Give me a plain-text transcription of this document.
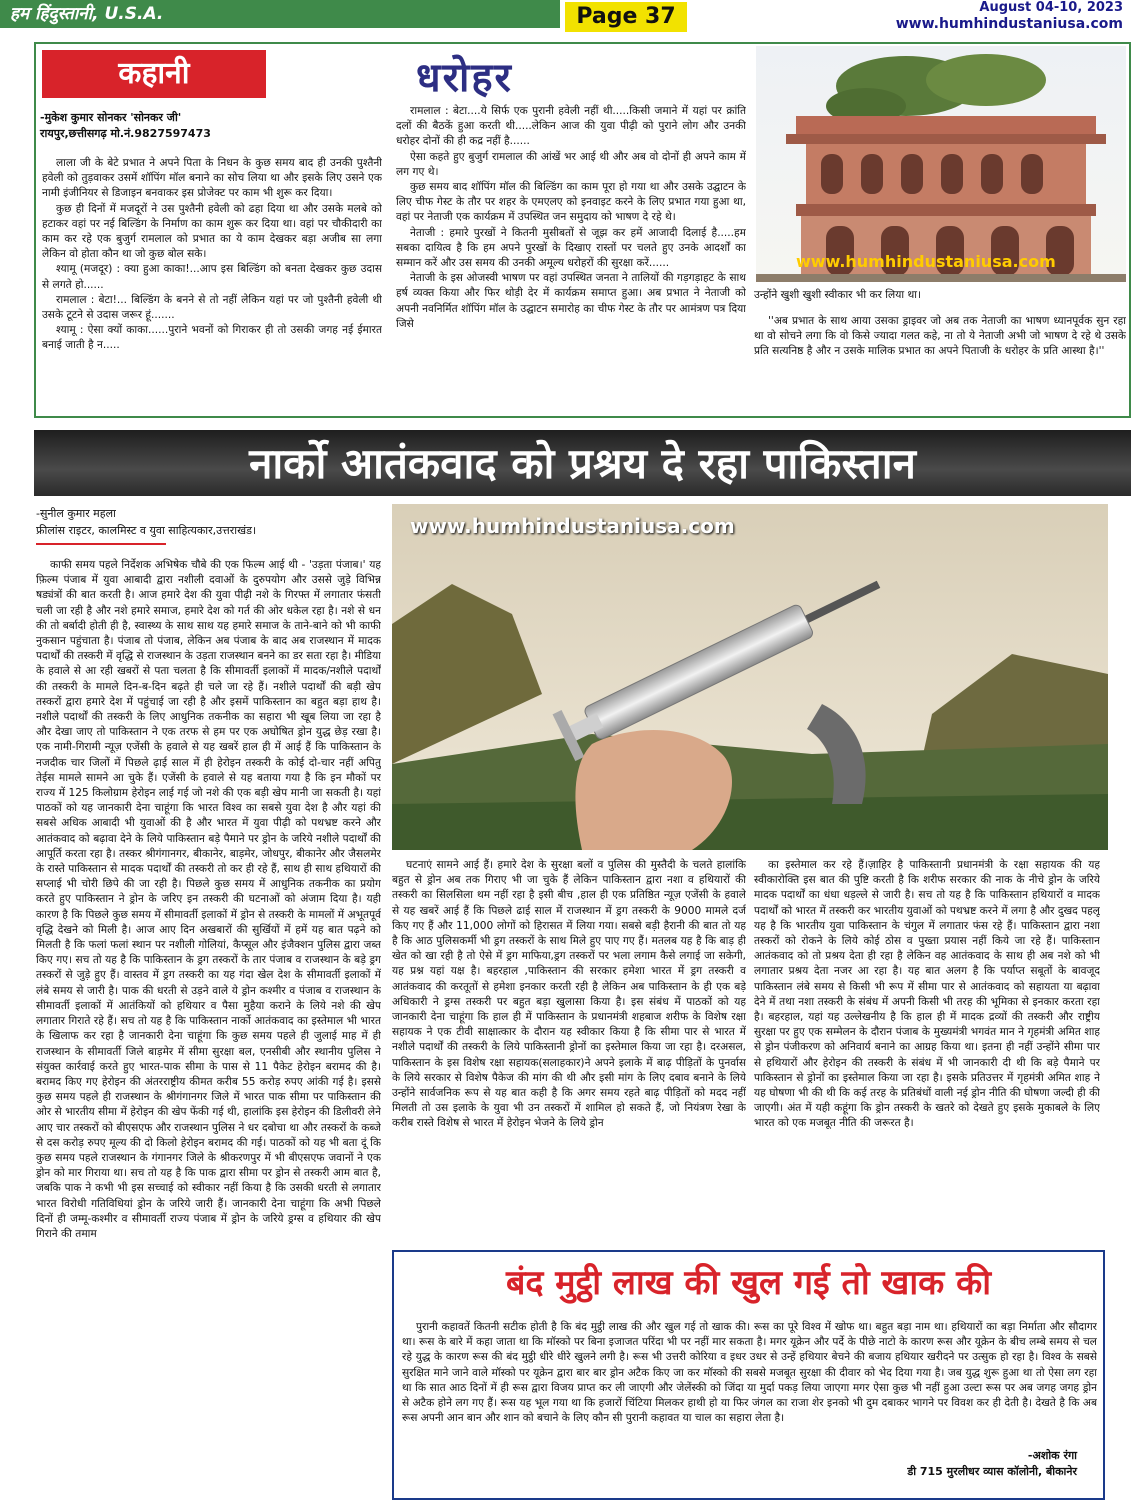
हम हिंदुस्तानी, U.S.A.	Page 37	August 04-10, 2023
www.humhindustaniusa.com
कहानी	धरोहर
-मुकेश कुमार सोनकर 'सोनकर जी'
रायपुर,छत्तीसगढ़ मो.नं.9827597473

लाला जी के बेटे प्रभात ने अपने पिता के निधन के कुछ समय बाद ही उनकी पुश्तैनी हवेली को तुड़वाकर उसमें शॉपिंग मॉल बनाने का सोच लिया था और इसके लिए उसने एक नामी इंजीनियर से डिजाइन बनवाकर इस प्रोजेक्ट पर काम भी शुरू कर दिया।

कुछ ही दिनों में मजदूरों ने उस पुश्तैनी हवेली को ढहा दिया था और उसके मलबे को हटाकर वहां पर नई बिल्डिंग के निर्माण का काम शुरू कर दिया था। वहां पर चौकीदारी का काम कर रहे एक बुजुर्ग रामलाल को प्रभात का ये काम देखकर बड़ा अजीब सा लगा लेकिन वो होता कौन था जो कुछ बोल सके।

श्यामू (मजदूर) : क्या हुआ काका!...आप इस बिल्डिंग को बनता देखकर कुछ उदास से लगते हो......

रामलाल : बेटा!... बिल्डिंग के बनने से तो नहीं लेकिन यहां पर जो पुश्तैनी हवेली थी उसके टूटने से उदास जरूर हूं.......

श्यामू : ऐसा क्यों काका......पुराने भवनों को गिराकर ही तो उसकी जगह नई ईमारत बनाई जाती है न.....

रामलाल : बेटा....ये सिर्फ एक पुरानी हवेली नहीं थी.....किसी जमाने में यहां पर क्रांति दलों की बैठकें हुआ करती थी.....लेकिन आज की युवा पीढ़ी को पुराने लोग और उनकी धरोहर दोनों की ही कद्र नहीं है......

ऐसा कहते हुए बुजुर्ग रामलाल की आंखें भर आई थी और अब वो दोनों ही अपने काम में लग गए थे।

कुछ समय बाद शॉपिंग मॉल की बिल्डिंग का काम पूरा हो गया था और उसके उद्घाटन के लिए चीफ गेस्ट के तौर पर शहर के एमएलए को इनवाइट करने के लिए प्रभात गया हुआ था, वहां पर नेताजी एक कार्यक्रम में उपस्थित जन समुदाय को भाषण दे रहे थे।

नेताजी : हमारे पुरखों ने कितनी मुसीबतों से जूझ कर हमें आजादी दिलाई है.....हम सबका दायित्व है कि हम अपने पुरखों के दिखाए रास्तों पर चलते हुए उनके आदर्शों का सम्मान करें और उस समय की उनकी अमूल्य धरोहरों की सुरक्षा करें......

नेताजी के इस ओजस्वी भाषण पर वहां उपस्थित जनता ने तालियों की गड़गड़ाहट के साथ हर्ष व्यक्त किया और फिर थोड़ी देर में कार्यक्रम समाप्त हुआ। अब प्रभात ने नेताजी को अपनी नवनिर्मित शॉपिंग मॉल के उद्घाटन समारोह का चीफ गेस्ट के तौर पर आमंत्रण पत्र दिया जिसे

www.humhindustaniusa.com
उन्होंने खुशी खुशी स्वीकार भी कर लिया था।

''अब प्रभात के साथ आया उसका ड्राइवर जो अब तक नेताजी का भाषण ध्यानपूर्वक सुन रहा था वो सोचने लगा कि वो किसे ज्यादा गलत कहे, ना तो ये नेताजी अभी जो भाषण दे रहे थे उसके प्रति सत्यनिष्ठ है और न उसके मालिक प्रभात का अपने पिताजी के धरोहर के प्रति आस्था है।''

नार्को आतंकवाद को प्रश्रय दे रहा पाकिस्तान
-सुनील कुमार महला
फ्रीलांस राइटर, कालमिस्ट व युवा साहित्यकार,उत्तराखंड।

काफी समय पहले निर्देशक अभिषेक चौबे की एक फिल्म आई थी - 'उड़ता पंजाब।' यह फ़िल्म पंजाब में युवा आबादी द्वारा नशीली दवाओं के दुरुपयोग और उससे जुड़े विभिन्न षड्यंत्रों की बात करती है। आज हमारे देश की युवा पीढ़ी नशे के गिरफ्त में लगातार फंसती चली जा रही है और नशे हमारे समाज, हमारे देश को गर्त की ओर धकेल रहा है। नशे से धन की तो बर्बादी होती ही है, स्वास्थ्य के साथ साथ यह हमारे समाज के ताने-बाने को भी काफी नुकसान पहुंचाता है। पंजाब तो पंजाब, लेकिन अब पंजाब के बाद अब राजस्थान में मादक पदार्थों की तस्करी में वृद्धि से राजस्थान के उड़ता राजस्थान बनने का डर सता रहा है। मीडिया के हवाले से आ रही खबरों से पता चलता है कि सीमावर्ती इलाकों में मादक/नशीले पदार्थों की तस्करी के मामले दिन-ब-दिन बढ़ते ही चले जा रहे हैं। नशीले पदार्थों की बड़ी खेप तस्करों द्वारा हमारे देश में पहुंचाई जा रही है और इसमें पाकिस्तान का बहुत बड़ा हाथ है। नशीले पदार्थों की तस्करी के लिए आधुनिक तकनीक का सहारा भी खूब लिया जा रहा है और देखा जाए तो पाकिस्तान ने एक तरफ से हम पर एक अघोषित ड्रोन युद्ध छेड़ रखा है। एक नामी-गिरामी न्यूज़ एजेंसी के हवाले से यह खबरें हाल ही में आई हैं कि पाकिस्तान के नजदीक चार जिलों में पिछले ढ़ाई साल में ही हेरोइन तस्करी के कोई दो-चार नहीं अपितु तेईस मामले सामने आ चुके हैं। एजेंसी के हवाले से यह बताया गया है कि इन मौकों पर राज्य में 125 किलोग्राम हेरोइन लाई गई जो नशे की एक बड़ी खेप मानी जा सकती है। यहां पाठकों को यह जानकारी देना चाहूंगा कि भारत विश्व का सबसे युवा देश है और यहां की सबसे अधिक आबादी भी युवाओं की है और भारत में युवा पीढ़ी को पथभ्रष्ट करने और आतंकवाद को बढ़ावा देने के लिये पाकिस्तान बड़े पैमाने पर ड्रोन के जरिये नशीले पदार्थों की आपूर्ति करता रहा है। तस्कर श्रीगंगानगर, बीकानेर, बाड़मेर, जोधपुर, बीकानेर और जैसलमेर के रास्ते पाकिस्तान से मादक पदार्थों की तस्करी तो कर ही रहे हैं, साथ ही साथ हथियारों की सप्लाई भी चोरी छिपे की जा रही है। पिछले कुछ समय में आधुनिक तकनीक का प्रयोग करते हुए पाकिस्तान ने ड्रोन के जरिए इन तस्करी की घटनाओं को अंजाम दिया है। यही कारण है कि पिछले कुछ समय में सीमावर्ती इलाकों में ड्रोन से तस्करी के मामलों में अभूतपूर्व वृद्धि देखने को मिली है। आज आए दिन अखबारों की सुर्खियों में हमें यह बात पढ़ने को मिलती है कि फलां फलां स्थान पर नशीली गोलियां, कैप्सूल और इंजैक्शन पुलिस द्वारा जब्त किए गए। सच तो यह है कि पाकिस्तान के ड्रग तस्करों के तार पंजाब व राजस्थान के बड़े ड्रग तस्करों से जुड़े हुए हैं। वास्तव में ड्रग तस्करी का यह गंदा खेल देश के सीमावर्ती इलाकों में लंबे समय से जारी है। पाक की धरती से उड़ने वाले ये ड्रोन कश्मीर व पंजाब व राजस्थान के सीमावर्ती इलाकों में आतंकियों को हथियार व पैसा मुहैया कराने के लिये नशे की खेप लगातार गिराते रहे हैं। सच तो यह है कि पाकिस्तान नार्को आतंकवाद का इस्तेमाल भी भारत के खिलाफ कर रहा है जानकारी देना चाहूंगा कि कुछ समय पहले ही जुलाई माह में ही राजस्थान के सीमावर्ती जिले बाड़मेर में सीमा सुरक्षा बल, एनसीबी और स्थानीय पुलिस ने संयुक्त कार्रवाई करते हुए भारत-पाक सीमा के पास से 11 पैकेट हेरोइन बरामद की है। बरामद किए गए हेरोइन की अंतरराष्ट्रीय कीमत करीब 55 करोड़ रुपए आंकी गई है। इससे कुछ समय पहले ही राजस्थान के श्रीगंगानगर जिले में भारत पाक सीमा पर पाकिस्तान की ओर से भारतीय सीमा में हेरोइन की खेप फेंकी गई थी, हालांकि इस हेरोइन की डिलीवरी लेने आए चार तस्करों को बीएसएफ और राजस्थान पुलिस ने धर दबोचा था और तस्करों के कब्जे से दस करोड़ रुपए मूल्य की दो किलो हेरोइन बरामद की गई। पाठकों को यह भी बता दूं कि कुछ समय पहले राजस्थान के गंगानगर जिले के श्रीकरणपुर में भी बीएसएफ जवानों ने एक ड्रोन को मार गिराया था। सच तो यह है कि पाक द्वारा सीमा पर ड्रोन से तस्करी आम बात है, जबकि पाक ने कभी भी इस सच्चाई को स्वीकार नहीं किया है कि उसकी धरती से लगातार भारत विरोधी गतिविधियां ड्रोन के जरिये जारी हैं। जानकारी देना चाहूंगा कि अभी पिछले दिनों ही जम्मू-कश्मीर व सीमावर्ती राज्य पंजाब में ड्रोन के जरिये ड्रग्स व हथियार की खेप गिराने की तमाम

www.humhindustaniusa.com

घटनाएं सामने आई हैं। हमारे देश के सुरक्षा बलों व पुलिस की मुस्तैदी के चलते हालांकि बहुत से ड्रोन अब तक गिराए भी जा चुके हैं लेकिन पाकिस्तान द्वारा नशा व हथियारों की तस्करी का सिलसिला थम नहीं रहा है इसी बीच ,हाल ही एक प्रतिष्ठित न्यूज़ एजेंसी के हवाले से यह खबरें आई हैं कि पिछले ढाई साल में राजस्थान में ड्रग तस्करी के 9000 मामले दर्ज किए गए हैं और 11,000 लोगों को हिरासत में लिया गया। सबसे बड़ी हैरानी की बात तो यह है कि आठ पुलिसकर्मी भी ड्रग तस्करों के साथ मिले हुए पाए गए हैं। मतलब यह है कि बाड़ ही खेत को खा रही है तो ऐसे में ड्रग माफिया,ड्रग तस्करों पर भला लगाम कैसे लगाई जा सकेगी, यह प्रश्न यहां यक्ष है। बहरहाल ,पाकिस्तान की सरकार हमेशा भारत में ड्रग तस्करी व आतंकवाद की करतूतों से हमेशा इनकार करती रही है लेकिन अब पाकिस्तान के ही एक बड़े अधिकारी ने ड्रग्स तस्करी पर बहुत बड़ा खुलासा किया है। इस संबंध में पाठकों को यह जानकारी देना चाहूंगा कि हाल ही में पाकिस्तान के प्रधानमंत्री शहबाज शरीफ के विशेष रक्षा सहायक ने एक टीवी साक्षात्कार के दौरान यह स्वीकार किया है कि सीमा पार से भारत में नशीले पदार्थों की तस्करी के लिये पाकिस्तानी ड्रोनों का इस्तेमाल किया जा रहा है। दरअसल, पाकिस्तान के इस विशेष रक्षा सहायक(सलाहकार)ने अपने इलाके में बाढ़ पीड़ितों के पुनर्वास के लिये सरकार से विशेष पैकेज की मांग की थी और इसी मांग के लिए दबाव बनाने के लिये उन्होंने सार्वजनिक रूप से यह बात कही है कि अगर समय रहते बाढ़ पीड़ितों को मदद नहीं मिलती तो उस इलाके के युवा भी उन तस्करों में शामिल हो सकते हैं, जो नियंत्रण रेखा के करीब रास्ते विशेष से भारत में हेरोइन भेजने के लिये ड्रोन

का इस्तेमाल कर रहे हैं।ज़ाहिर है पाकिस्तानी प्रधानमंत्री के रक्षा सहायक की यह स्वीकारोक्ति इस बात की पुष्टि करती है कि शरीफ सरकार की नाक के नीचे ड्रोन के जरिये मादक पदार्थों का धंधा धड़ल्ले से जारी है। सच तो यह है कि पाकिस्तान हथियारों व मादक पदार्थों को भारत में तस्करी कर भारतीय युवाओं को पथभ्रष्ट करने में लगा है और दुखद पहलू यह है कि भारतीय युवा पाकिस्तान के चंगुल में लगातार फंस रहे हैं। पाकिस्तान द्वारा नशा तस्करों को रोकने के लिये कोई ठोस व पुख्ता प्रयास नहीं किये जा रहे हैं। पाकिस्तान आतंकवाद को तो प्रश्रय देता ही रहा है लेकिन वह आतंकवाद के साथ ही अब नशे को भी लगातार प्रश्रय देता नजर आ रहा है। यह बात अलग है कि पर्याप्त सबूतों के बावजूद पाकिस्तान लंबे समय से किसी भी रूप में सीमा पार से आतंकवाद को सहायता या बढ़ावा देने में तथा नशा तस्करी के संबंध में अपनी किसी भी तरह की भूमिका से इनकार करता रहा है। बहरहाल, यहां यह उल्लेखनीय है कि हाल ही में मादक द्रव्यों की तस्करी और राष्ट्रीय सुरक्षा पर हुए एक सम्मेलन के दौरान पंजाब के मुख्यमंत्री भगवंत मान ने गृहमंत्री अमित शाह से ड्रोन पंजीकरण को अनिवार्य बनाने का आग्रह किया था। इतना ही नहीं उन्होंने सीमा पार से हथियारों और हेरोइन की तस्करी के संबंध में भी जानकारी दी थी कि बड़े पैमाने पर पाकिस्तान से ड्रोनों का इस्तेमाल किया जा रहा है। इसके प्रतिउत्तर में गृहमंत्री अमित शाह ने यह घोषणा भी की थी कि कई तरह के प्रतिबंधों वाली नई ड्रोन नीति की घोषणा जल्दी ही की जाएगी। अंत में यही कहूंगा कि ड्रोन तस्करी के खतरे को देखते हुए इसके मुकाबले के लिए भारत को एक मजबूत नीति की जरूरत है।

बंद मुट्ठी लाख की खुल गई तो खाक की

पुरानी कहावतें कितनी सटीक होती है कि बंद मुट्ठी लाख की और खुल गई तो खाक की। रूस का पूरे विश्व में खोफ था। बहुत बड़ा नाम था। हथियारों का बड़ा निर्माता और सौदागर था। रूस के बारे में कहा जाता था कि मॉस्को पर बिना इजाजत परिंदा भी पर नहीं मार सकता है। मगर यूक्रेन और पर्दे के पीछे नाटो के कारण रूस और यूक्रेन के बीच लम्बे समय से चल रहे युद्ध के कारण रूस की बंद मुट्ठी धीरे धीरे खुलने लगी है। रूस भी उत्तरी कोरिया व इधर उधर से उन्हें हथियार बेचने की बजाय हथियार खरीदने पर उत्सुक हो रहा है। विश्व के सबसे सुरक्षित माने जाने वाले मॉस्को पर यूक्रेन द्वारा बार बार ड्रोन अटैक किए जा कर मॉस्को की सबसे मजबूत सुरक्षा की दीवार को भेद दिया गया है। जब युद्ध शुरू हुआ था तो ऐसा लग रहा था कि सात आठ दिनों में ही रूस द्वारा विजय प्राप्त कर ली जाएगी और जेलेंस्की को जिंदा या मुर्दा पकड़ लिया जाएगा मगर ऐसा कुछ भी नहीं हुआ उल्टा रूस पर अब जगह जगह ड्रोन से अटैक होने लग गए हैं। रूस यह भूल गया था कि हजारों चिंटिया मिलकर हाथी हो या फिर जंगल का राजा शेर इनको भी दुम दबाकर भागने पर विवश कर ही देती है। देखते है कि अब रूस अपनी आन बान और शान को बचाने के लिए कौन सी पुरानी कहावत या चाल का सहारा लेता है।

-अशोक रंगा
डी 715 मुरलीधर व्यास कॉलोनी, बीकानेर
